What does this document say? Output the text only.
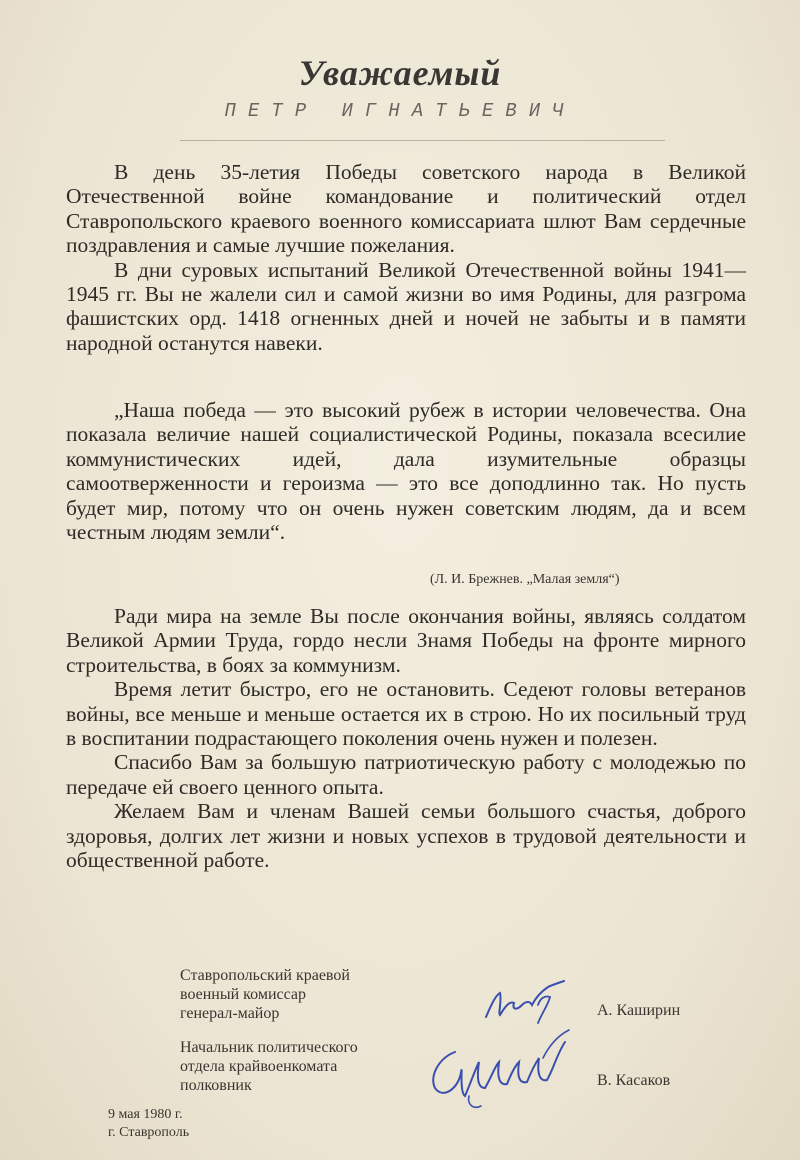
Уважаемый
ПЕТР ИГНАТЬЕВИЧ

В день 35-летия Победы советского народа в Великой Отечественной войне командование и политический отдел Ставропольского краевого военного комиссариата шлют Вам сердечные поздравления и самые лучшие пожелания.

В дни суровых испытаний Великой Отечественной войны 1941—1945 гг. Вы не жалели сил и самой жизни во имя Родины, для разгрома фашистских орд. 1418 огненных дней и ночей не забыты и в памяти народной останутся навеки.

„Наша победа — это высокий рубеж в истории человечества. Она показала величие нашей социалистической Родины, показала всесилие коммунистических идей, дала изумительные образцы самоотверженности и героизма — это все доподлинно так. Но пусть будет мир, потому что он очень нужен советским людям, да и всем честным людям земли“.

(Л. И. Брежнев. „Малая земля“)

Ради мира на земле Вы после окончания войны, являясь солдатом Великой Армии Труда, гордо несли Знамя Победы на фронте мирного строительства, в боях за коммунизм.

Время летит быстро, его не остановить. Седеют головы ветеранов войны, все меньше и меньше остается их в строю. Но их посильный труд в воспитании подрастающего поколения очень нужен и полезен.

Спасибо Вам за большую патриотическую работу с молодежью по передаче ей своего ценного опыта.

Желаем Вам и членам Вашей семьи большого счастья, доброго здоровья, долгих лет жизни и новых успехов в трудовой деятельности и общественной работе.

Ставропольский краевой
военный комиссар
генерал-майор	А. Каширин
Начальник политического
отдела крайвоенкомата
полковник	В. Касаков
9 мая 1980 г.
г. Ставрополь
